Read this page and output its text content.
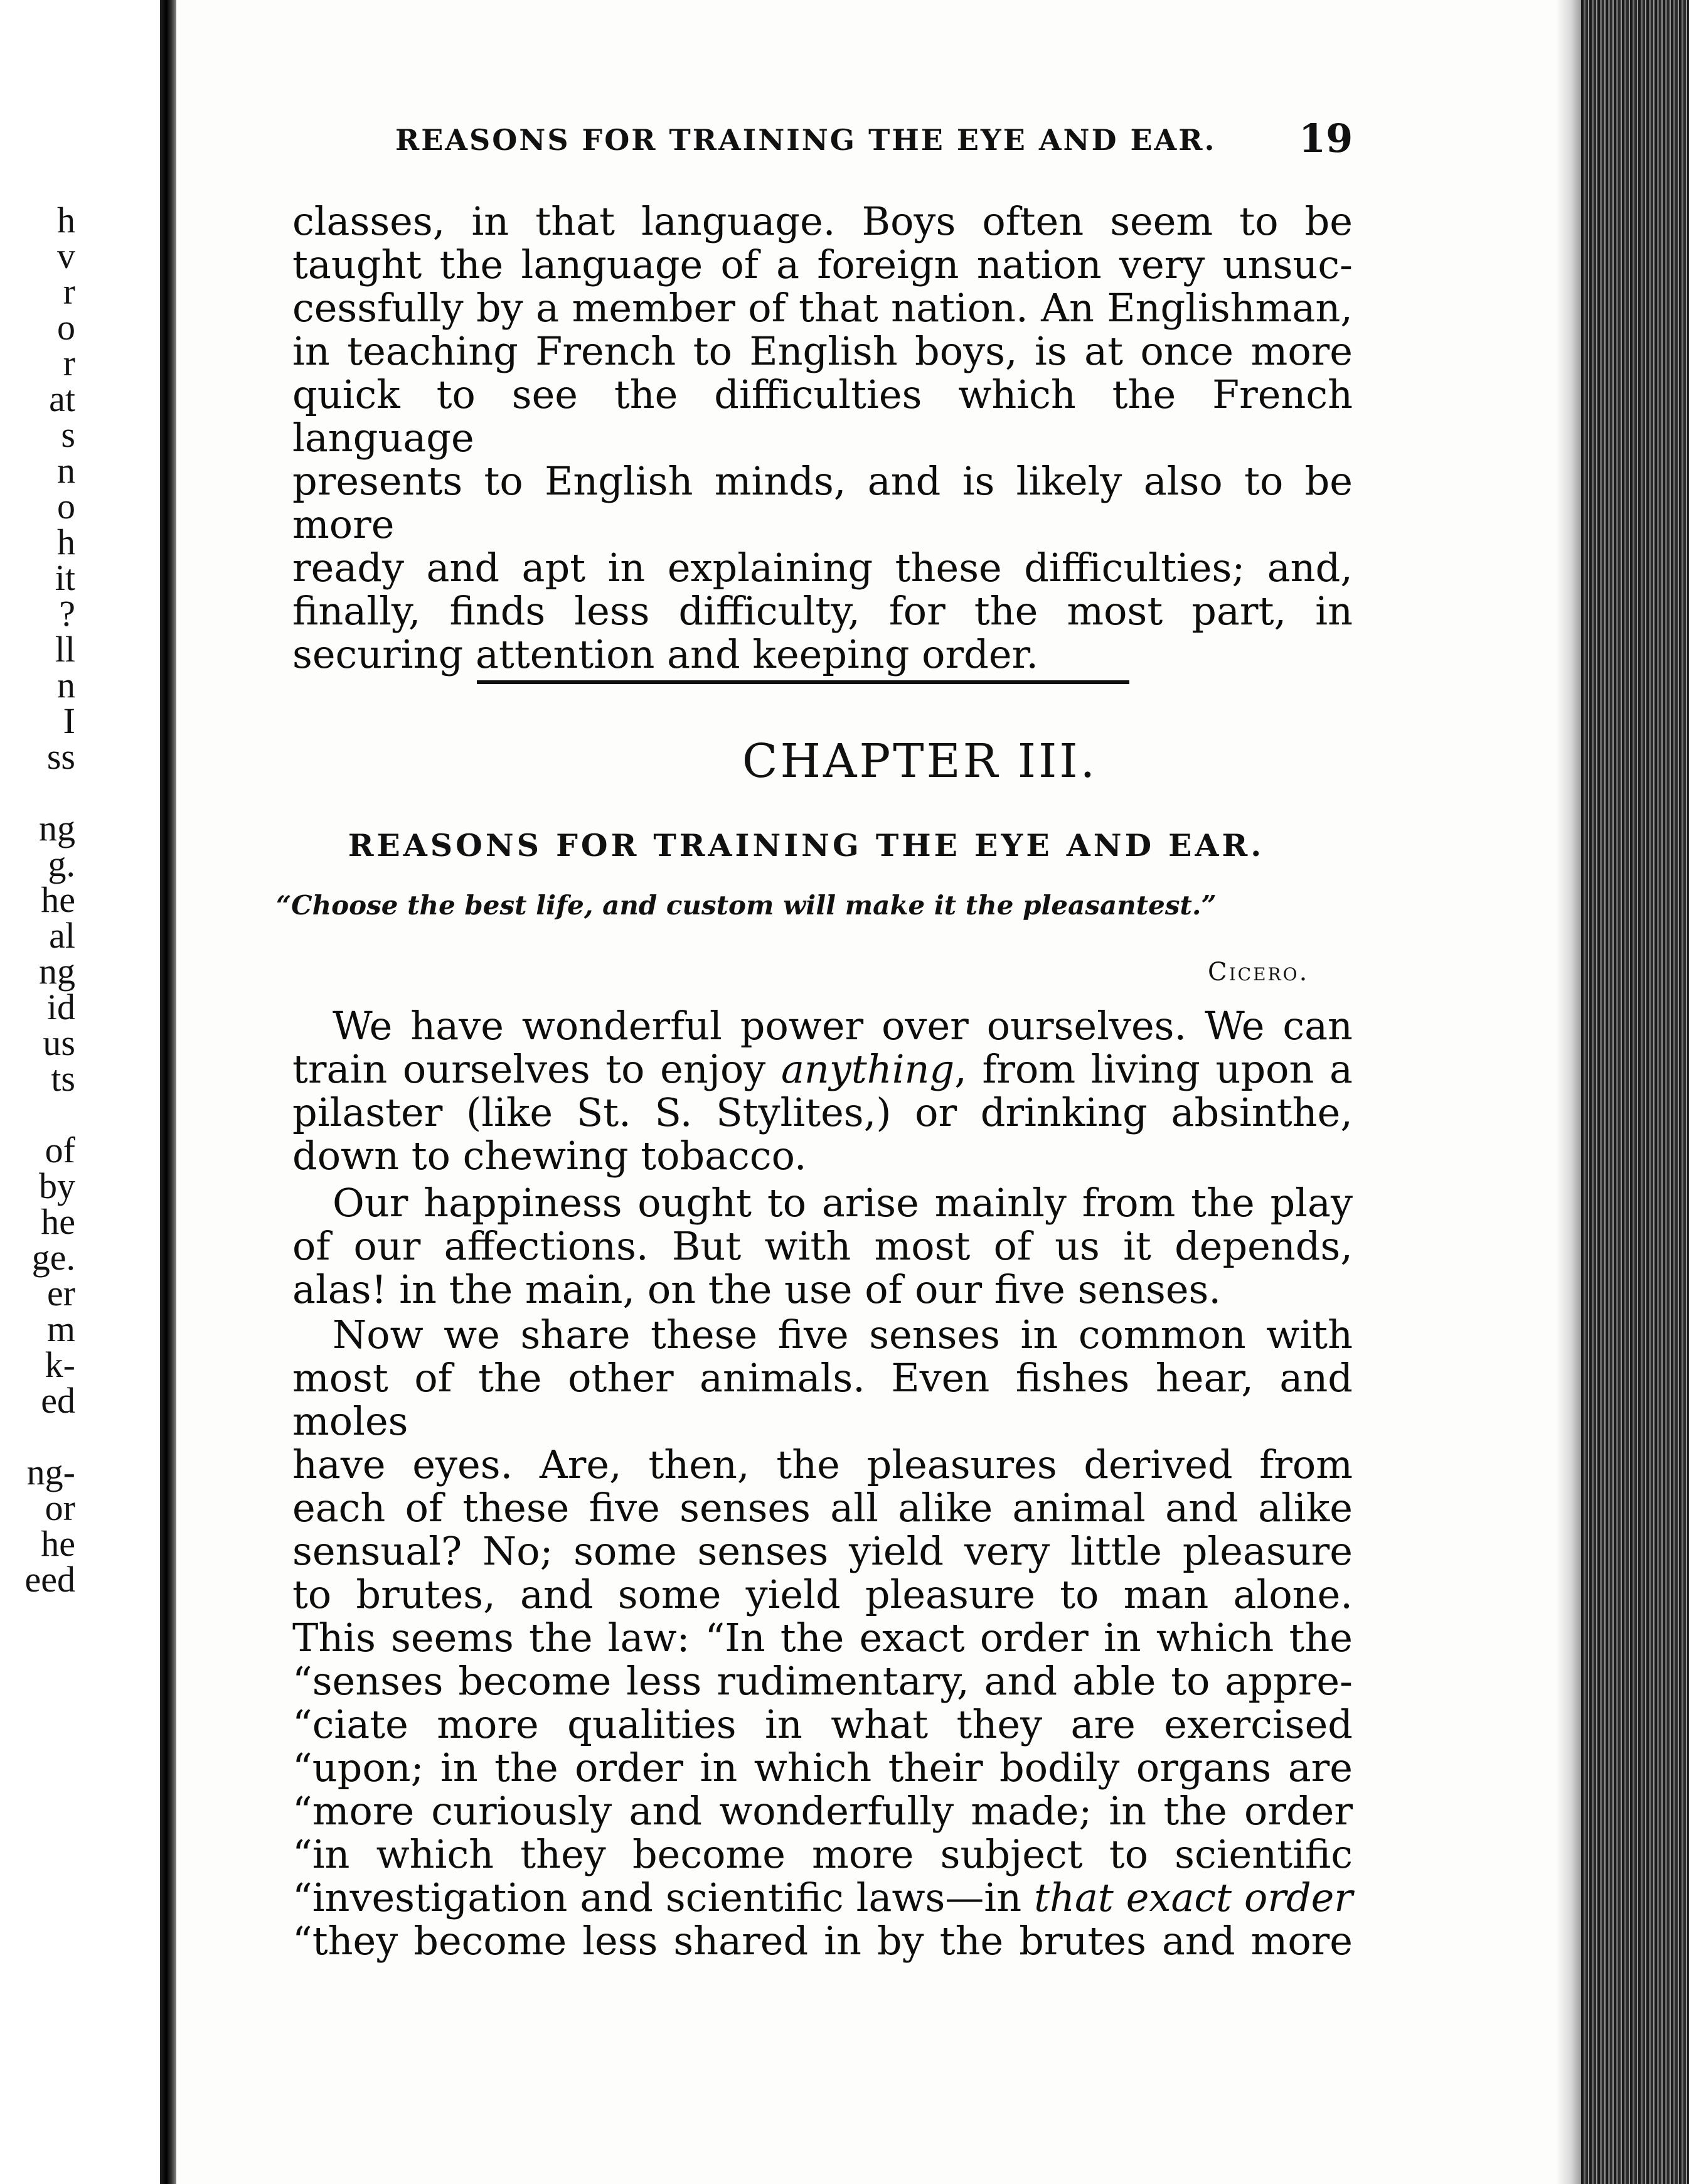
h
v
r
o
r
at
s
n
o
h
it
?
ll
n
I
ss
ng
g.
he
al
ng
id
us
ts
of
by
he
ge.
er
m
k-
ed
ng-
or
he
eed
REASONS FOR TRAINING THE EYE AND EAR.	19
classes, in that language. Boys often seem to be
taught the language of a foreign nation very unsuc-
cessfully by a member of that nation. An Englishman,
in teaching French to English boys, is at once more
quick to see the difficulties which the French language
presents to English minds, and is likely also to be more
ready and apt in explaining these difficulties; and,
finally, finds less difficulty, for the most part, in
securing attention and keeping order.
CHAPTER III.
REASONS FOR TRAINING THE EYE AND EAR.
“Choose the best life, and custom will make it the pleasantest.”
Cicero.
We have wonderful power over ourselves. We can
train ourselves to enjoy anything, from living upon a
pilaster (like St. S. Stylites,) or drinking absinthe,
down to chewing tobacco.
Our happiness ought to arise mainly from the play
of our affections. But with most of us it depends,
alas! in the main, on the use of our five senses.
Now we share these five senses in common with
most of the other animals. Even fishes hear, and moles
have eyes. Are, then, the pleasures derived from
each of these five senses all alike animal and alike
sensual? No; some senses yield very little pleasure
to brutes, and some yield pleasure to man alone.
This seems the law: “In the exact order in which the
“senses become less rudimentary, and able to appre-
“ciate more qualities in what they are exercised
“upon; in the order in which their bodily organs are
“more curiously and wonderfully made; in the order
“in which they become more subject to scientific
“investigation and scientific laws—in that exact order
“they become less shared in by the brutes and more
